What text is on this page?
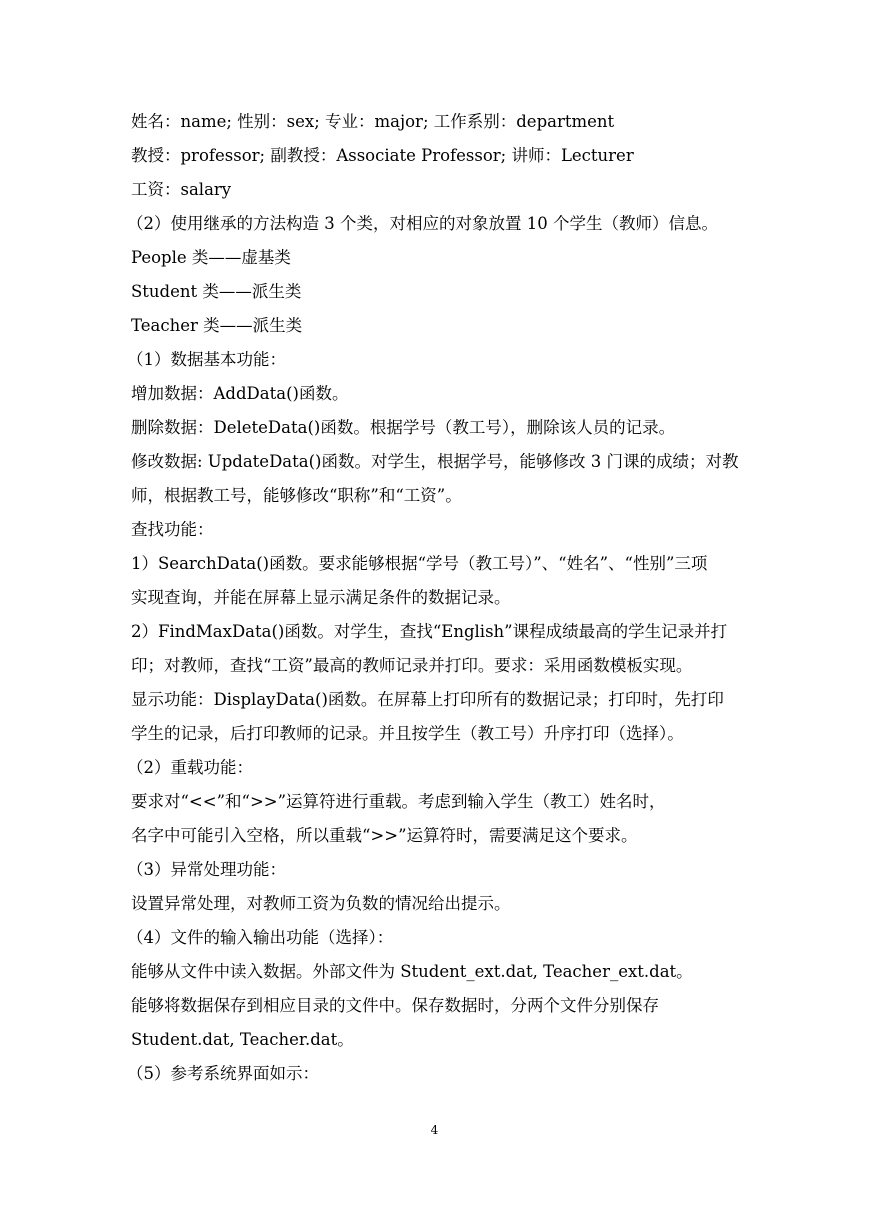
姓名：name; 性别：sex; 专业：major; 工作系别：department
教授：professor; 副教授：Associate Professor; 讲师：Lecturer
工资：salary
（2）使用继承的方法构造 3 个类，对相应的对象放置 10 个学生（教师）信息。
People 类——虚基类
Student 类——派生类
Teacher 类——派生类
（1）数据基本功能：
增加数据：AddData()函数。
删除数据：DeleteData()函数。根据学号（教工号），删除该人员的记录。
修改数据: UpdateData()函数。对学生，根据学号，能够修改 3 门课的成绩；对教
师，根据教工号，能够修改“职称”和“工资”。
查找功能：
1）SearchData()函数。要求能够根据“学号（教工号）”、“姓名”、“性别”三项
实现查询，并能在屏幕上显示满足条件的数据记录。
2）FindMaxData()函数。对学生，查找“English”课程成绩最高的学生记录并打
印；对教师，查找“工资”最高的教师记录并打印。要求：采用函数模板实现。
显示功能：DisplayData()函数。在屏幕上打印所有的数据记录；打印时，先打印
学生的记录，后打印教师的记录。并且按学生（教工号）升序打印（选择）。
（2）重载功能：
要求对“<<”和“>>”运算符进行重载。考虑到输入学生（教工）姓名时，
名字中可能引入空格，所以重载“>>”运算符时，需要满足这个要求。
（3）异常处理功能：
设置异常处理，对教师工资为负数的情况给出提示。
（4）文件的输入输出功能（选择）：
能够从文件中读入数据。外部文件为 Student_ext.dat, Teacher_ext.dat。
能够将数据保存到相应目录的文件中。保存数据时，分两个文件分别保存
Student.dat, Teacher.dat。
（5）参考系统界面如示：
4
